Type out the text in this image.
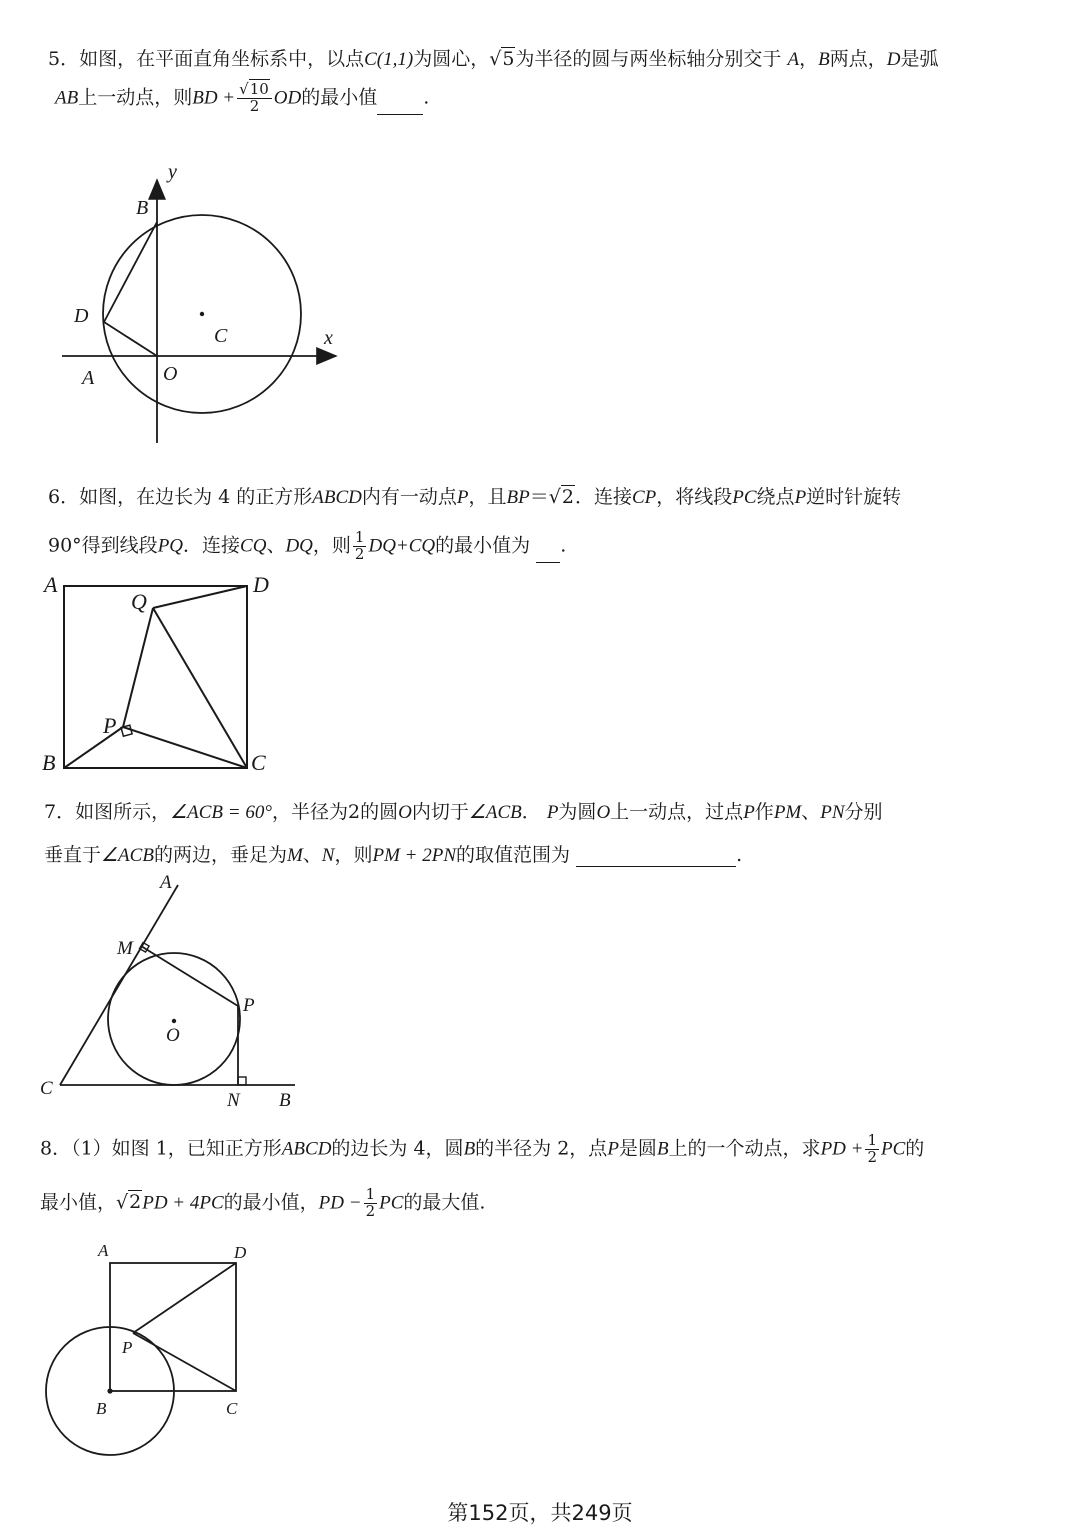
5．如图，在平面直角坐标系中，以点C(1,1)为圆心，√5为半径的圆与两坐标轴分别交于 A，B两点，D是弧
AB上一动点，则BD + $\frac{√10}{2}$ OD的最小值 .
6．如图，在边长为 4 的正方形ABCD内有一动点P，且BP＝√2．连接CP，将线段PC绕点P逆时针旋转
90°得到线段PQ．连接CQ、DQ，则 $\frac{1}{2} DQ+CQ$的最小值为 .
7．如图所示，∠ACB = 60°，半径为2的圆O内切于∠ACB． P为圆O上一动点，过点P作PM、PN分别
垂直于∠ACB的两边，垂足为M、N，则PM + 2PN的取值范围为	.
8．（1）如图 1，已知正方形ABCD的边长为 4，圆B的半径为 2，点P是圆B上的一个动点，求PD + $\frac{1}{2}$ PC的
最小值，√2PD + 4PC的最小值，PD − $\frac{1}{2}$ PC的最大值.
y
x
B
D
C
A	O
A	D
Q
P
B	C
A
M
P
O
C
N B
A	D
P
B	C
第152页，共249页
